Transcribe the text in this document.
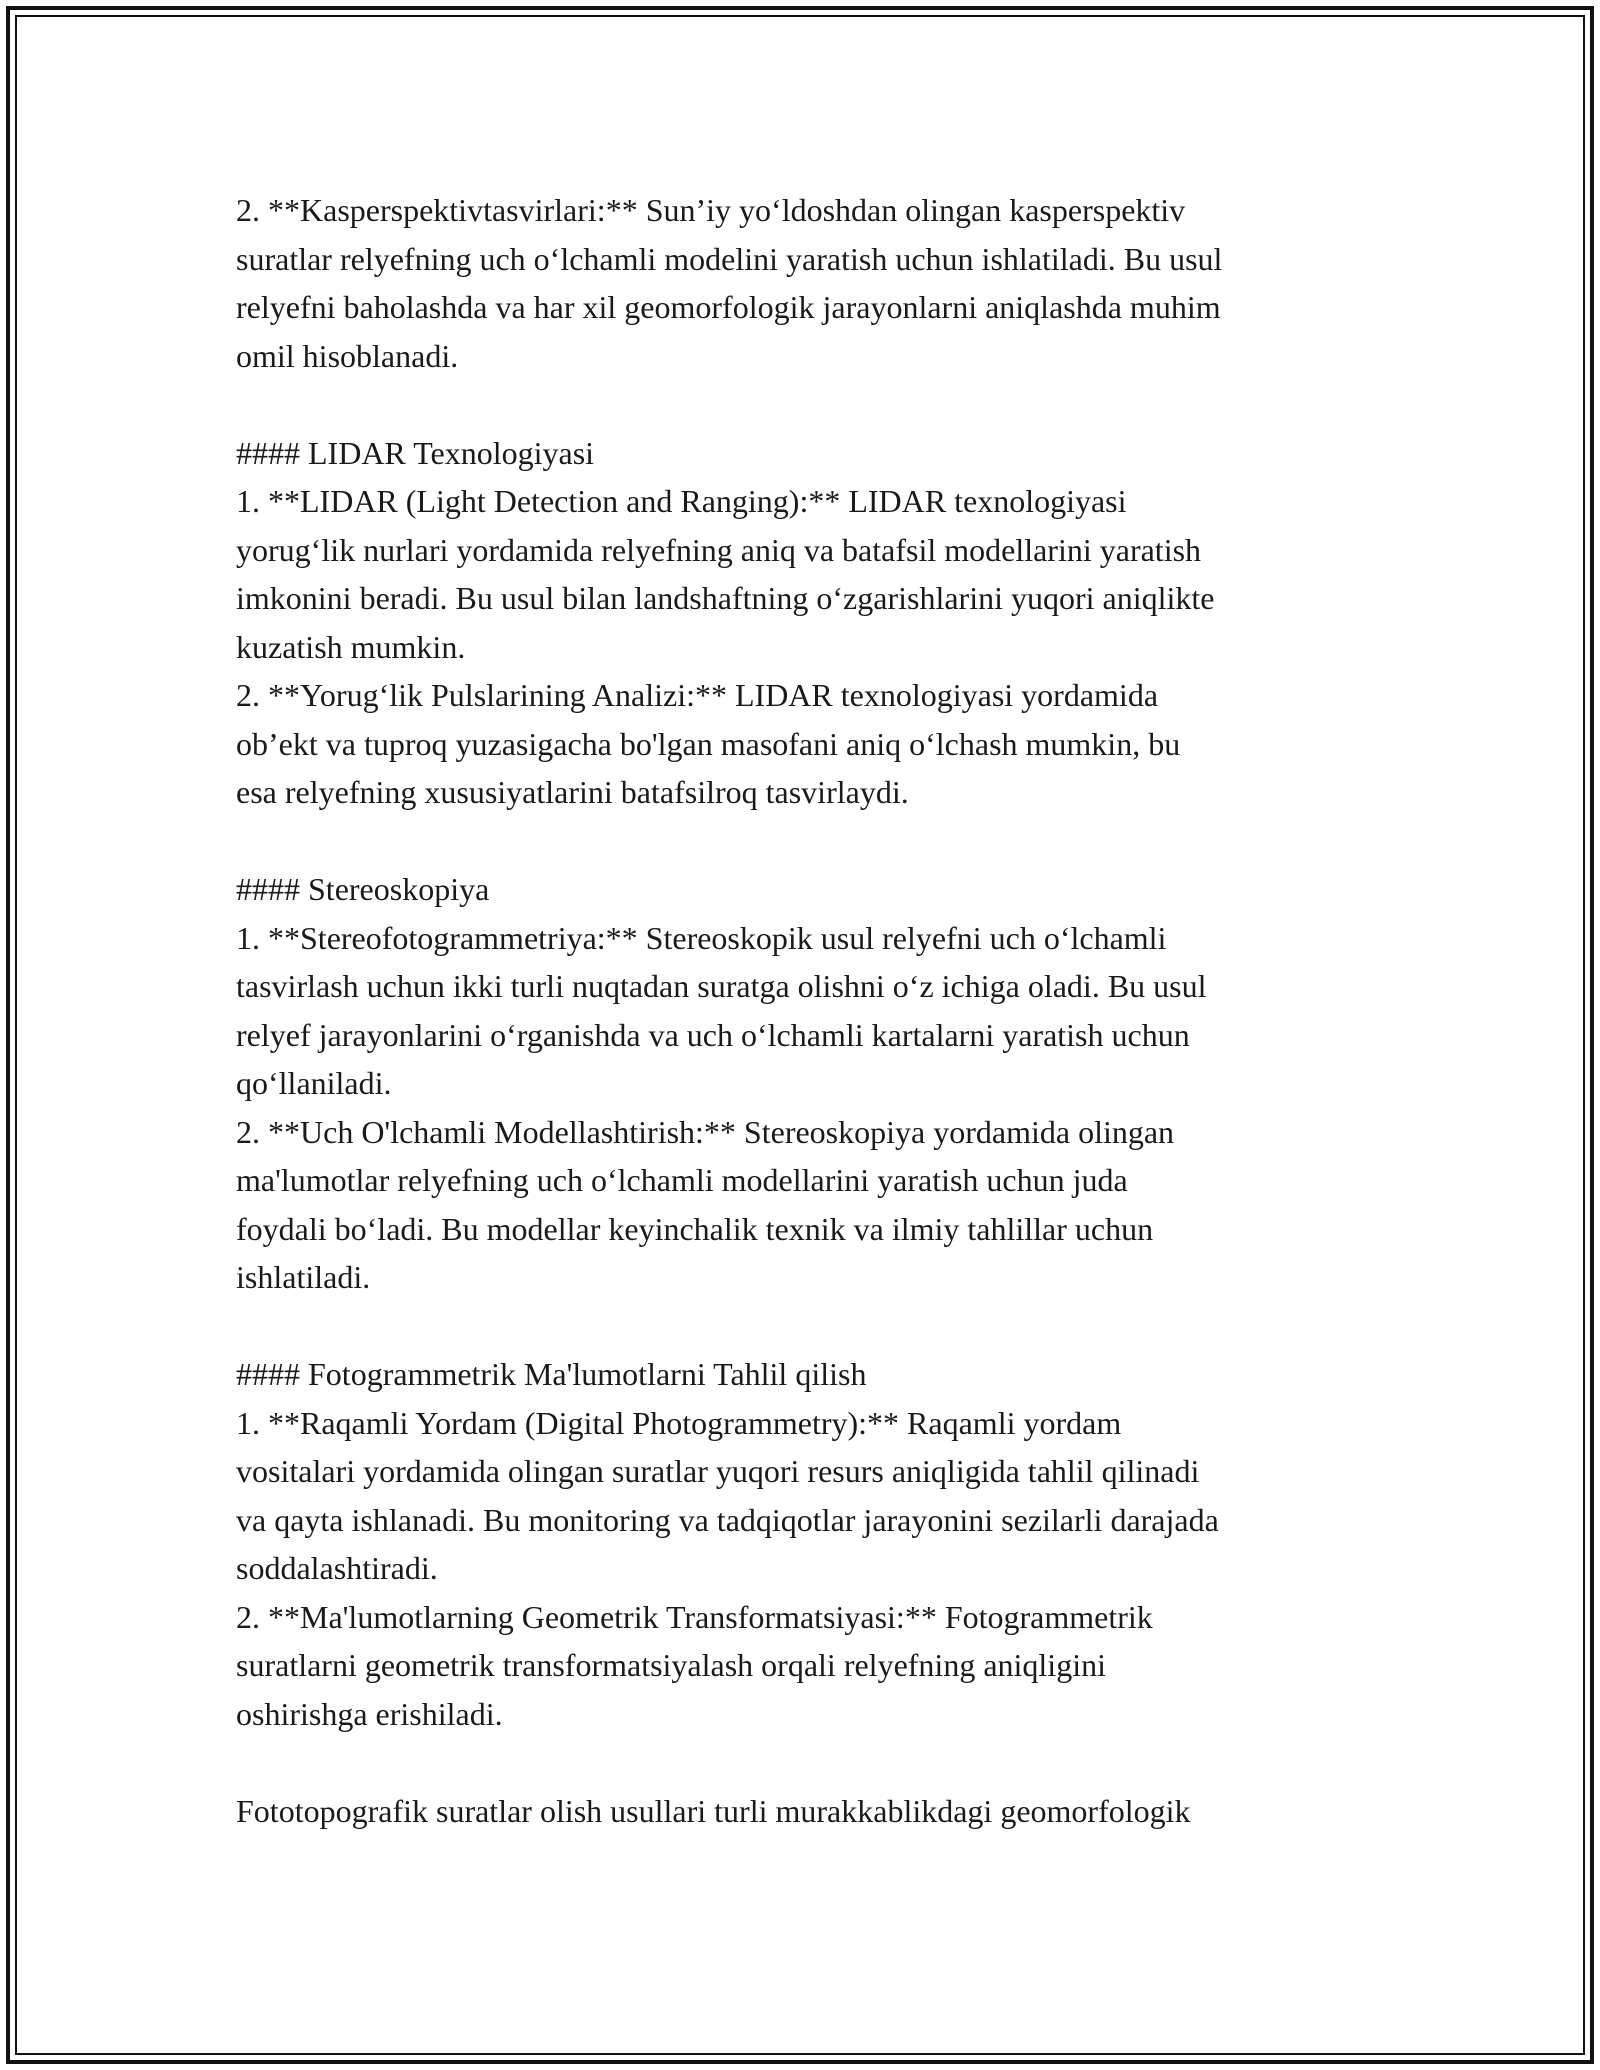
2. **Kasperspektivtasvirlari:** Sun’iy yo‘ldoshdan olingan kasperspektiv
suratlar relyefning uch o‘lchamli modelini yaratish uchun ishlatiladi. Bu usul
relyefni baholashda va har xil geomorfologik jarayonlarni aniqlashda muhim
omil hisoblanadi.
#### LIDAR Texnologiyasi
1. **LIDAR (Light Detection and Ranging):** LIDAR texnologiyasi
yorug‘lik nurlari yordamida relyefning aniq va batafsil modellarini yaratish
imkonini beradi. Bu usul bilan landshaftning o‘zgarishlarini yuqori aniqlikte
kuzatish mumkin.
2. **Yorug‘lik Pulslarining Analizi:** LIDAR texnologiyasi yordamida
ob’ekt va tuproq yuzasigacha bo'lgan masofani aniq o‘lchash mumkin, bu
esa relyefning xususiyatlarini batafsilroq tasvirlaydi.
#### Stereoskopiya
1. **Stereofotogrammetriya:** Stereoskopik usul relyefni uch o‘lchamli
tasvirlash uchun ikki turli nuqtadan suratga olishni o‘z ichiga oladi. Bu usul
relyef jarayonlarini o‘rganishda va uch o‘lchamli kartalarni yaratish uchun
qo‘llaniladi.
2. **Uch O'lchamli Modellashtirish:** Stereoskopiya yordamida olingan
ma'lumotlar relyefning uch o‘lchamli modellarini yaratish uchun juda
foydali bo‘ladi. Bu modellar keyinchalik texnik va ilmiy tahlillar uchun
ishlatiladi.
#### Fotogrammetrik Ma'lumotlarni Tahlil qilish
1. **Raqamli Yordam (Digital Photogrammetry):** Raqamli yordam
vositalari yordamida olingan suratlar yuqori resurs aniqligida tahlil qilinadi
va qayta ishlanadi. Bu monitoring va tadqiqotlar jarayonini sezilarli darajada
soddalashtiradi.
2. **Ma'lumotlarning Geometrik Transformatsiyasi:** Fotogrammetrik
suratlarni geometrik transformatsiyalash orqali relyefning aniqligini
oshirishga erishiladi.
Fototopografik suratlar olish usullari turli murakkablikdagi geomorfologik
